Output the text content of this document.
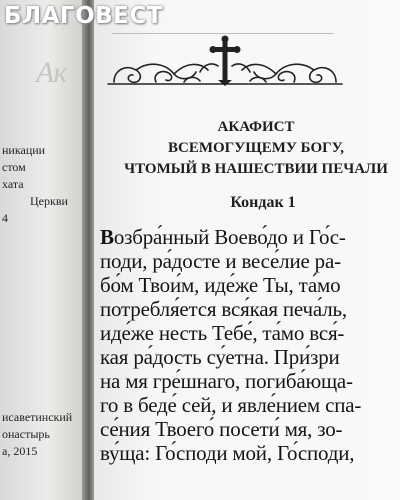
Ак
никации
стом
хата
Церкви
4
исаветинский
онастырь
а, 2015
БЛАГОВЕСТ
АКАФИСТ
ВСЕМОГУЩЕМУ БОГУ,
ЧТОМЫЙ В НАШЕСТВИИ ПЕЧАЛИ
Кондак 1
Возбра́нный Воево́до и Го́с-
поди, ра́досте и весе́лие ра-
бо́м Твои́м, иде́же Ты, та́мо
потребля́ется вся́кая печа́ль,
иде́же несть Тебе́, та́мо вся́-
кая ра́дость су́етна. При́зри
на мя гре́шнаго, погиба́юща-
го в беде́ сей, и явле́нием спа-
се́ния Твоего́ посети́ мя, зо-
ву́ща: Го́споди мой, Го́споди,
